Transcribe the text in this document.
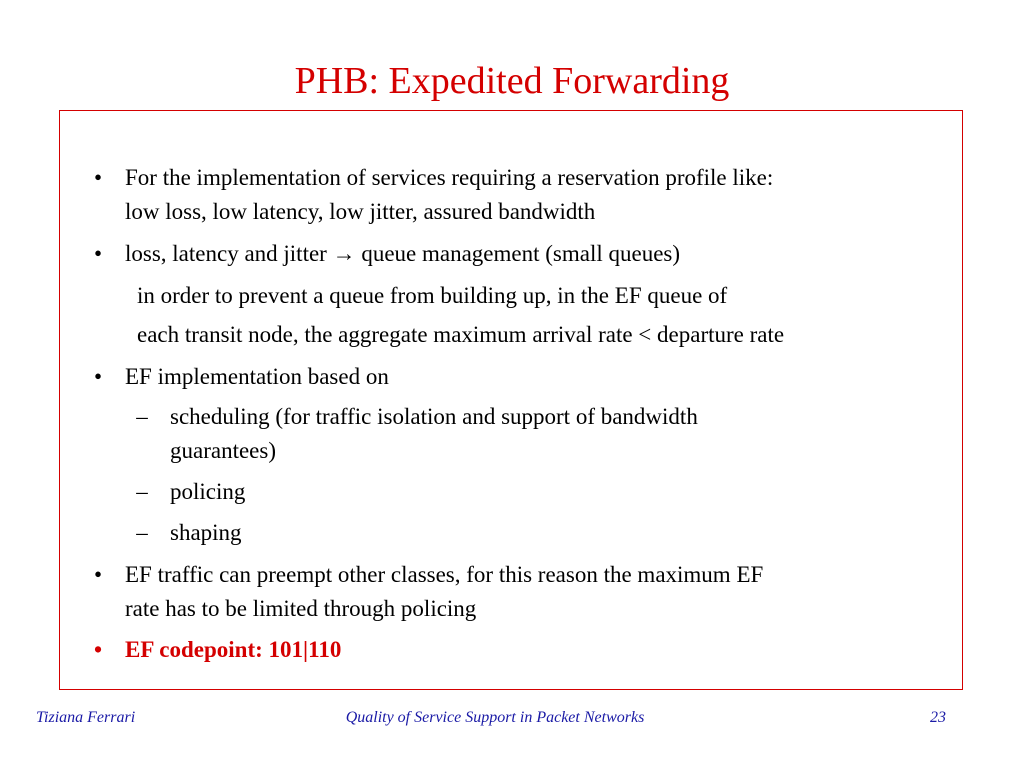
PHB: Expedited Forwarding
• For the implementation of services requiring a reservation profile like:
low loss, low latency, low jitter, assured bandwidth
• loss, latency and jitter → queue management (small queues)
in order to prevent a queue from building up, in the EF queue of
each transit node, the aggregate maximum arrival rate < departure rate
• EF implementation based on
– scheduling (for traffic isolation and support of bandwidth
guarantees)
– policing
– shaping
• EF traffic can preempt other classes, for this reason the maximum EF
rate has to be limited through policing
• EF codepoint: 101|110
Tiziana Ferrari	Quality of Service Support in Packet Networks	23
